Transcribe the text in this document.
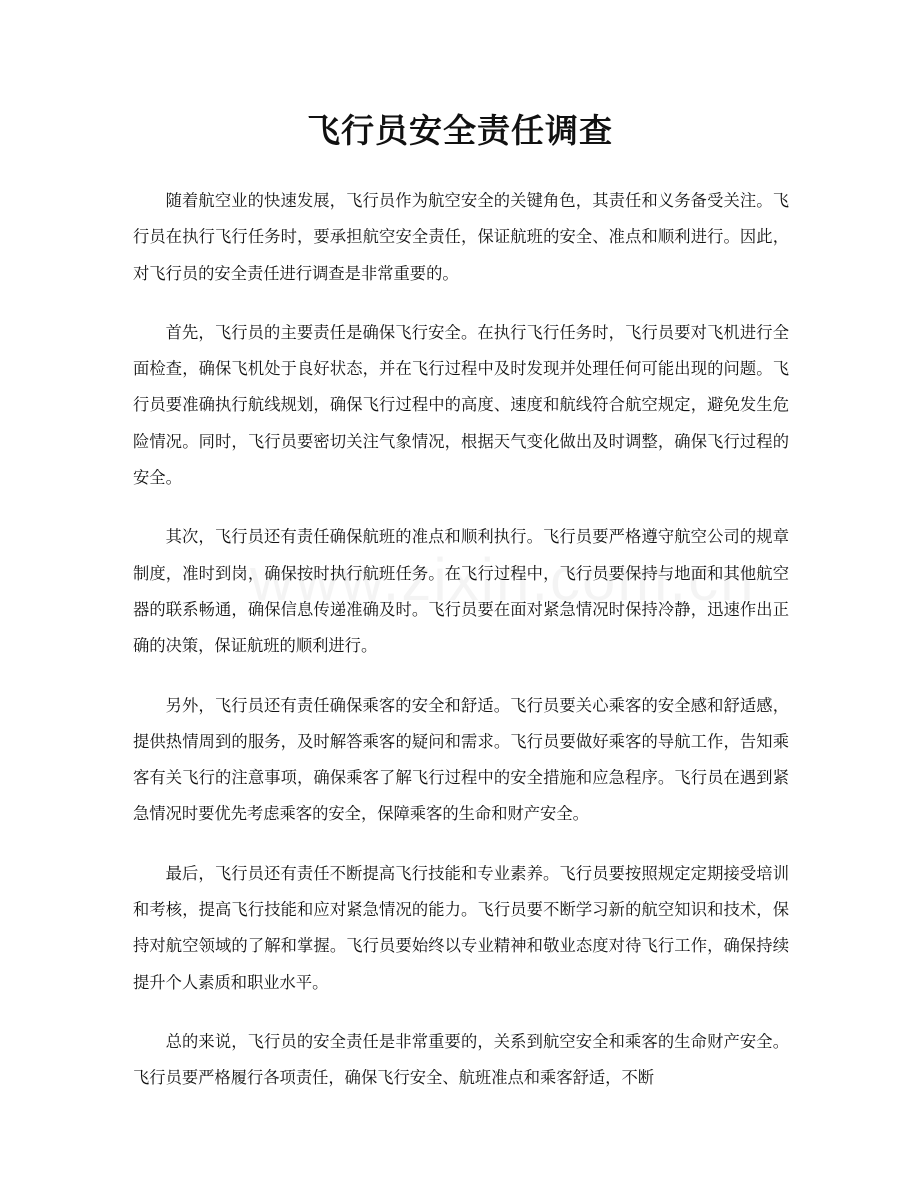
飞行员安全责任调查

随着航空业的快速发展，飞行员作为航空安全的关键角色，其责任和义务备受关注。飞行员在执行飞行任务时，要承担航空安全责任，保证航班的安全、准点和顺利进行。因此，对飞行员的安全责任进行调查是非常重要的。

首先，飞行员的主要责任是确保飞行安全。在执行飞行任务时，飞行员要对飞机进行全面检查，确保飞机处于良好状态，并在飞行过程中及时发现并处理任何可能出现的问题。飞行员要准确执行航线规划，确保飞行过程中的高度、速度和航线符合航空规定，避免发生危险情况。同时，飞行员要密切关注气象情况，根据天气变化做出及时调整，确保飞行过程的安全。

其次，飞行员还有责任确保航班的准点和顺利执行。飞行员要严格遵守航空公司的规章制度，准时到岗，确保按时执行航班任务。在飞行过程中，飞行员要保持与地面和其他航空器的联系畅通，确保信息传递准确及时。飞行员要在面对紧急情况时保持冷静，迅速作出正确的决策，保证航班的顺利进行。

另外，飞行员还有责任确保乘客的安全和舒适。飞行员要关心乘客的安全感和舒适感，提供热情周到的服务，及时解答乘客的疑问和需求。飞行员要做好乘客的导航工作，告知乘客有关飞行的注意事项，确保乘客了解飞行过程中的安全措施和应急程序。飞行员在遇到紧急情况时要优先考虑乘客的安全，保障乘客的生命和财产安全。

最后，飞行员还有责任不断提高飞行技能和专业素养。飞行员要按照规定定期接受培训和考核，提高飞行技能和应对紧急情况的能力。飞行员要不断学习新的航空知识和技术，保持对航空领域的了解和掌握。飞行员要始终以专业精神和敬业态度对待飞行工作，确保持续提升个人素质和职业水平。

总的来说，飞行员的安全责任是非常重要的，关系到航空安全和乘客的生命财产安全。飞行员要严格履行各项责任，确保飞行安全、航班准点和乘客舒适，不断
